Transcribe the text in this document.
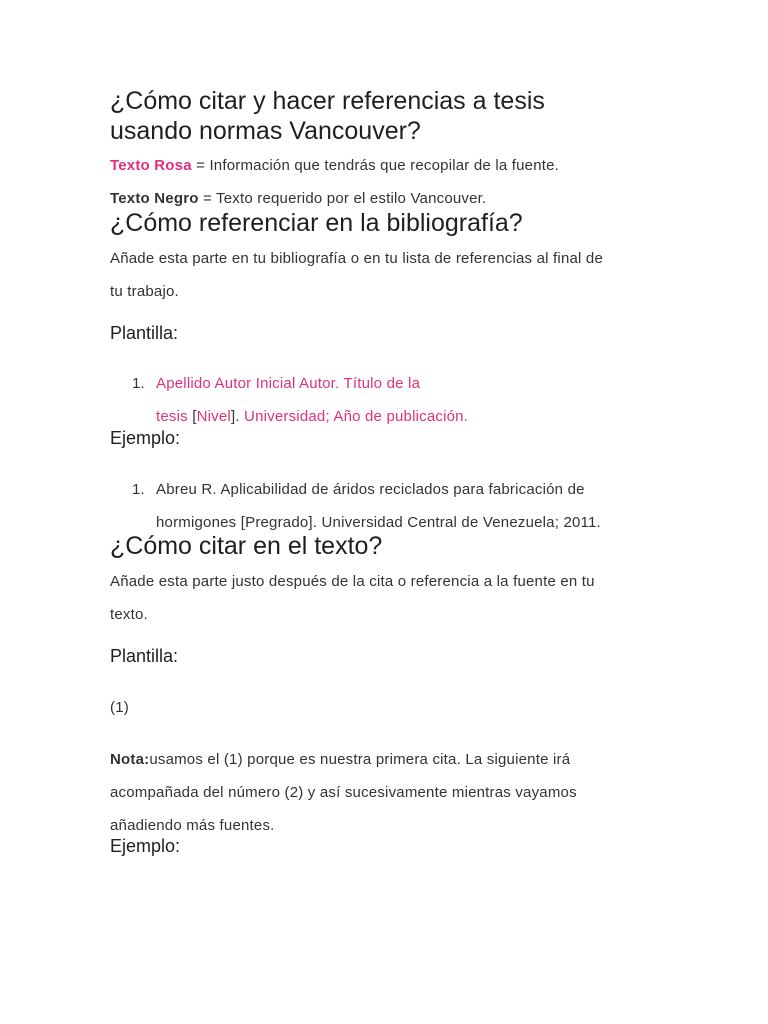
¿Cómo citar y hacer referencias a tesis
usando normas Vancouver?
Texto Rosa = Información que tendrás que recopilar de la fuente.
Texto Negro = Texto requerido por el estilo Vancouver.
¿Cómo referenciar en la bibliografía?
Añade esta parte en tu bibliografía o en tu lista de referencias al final de
tu trabajo.
Plantilla:
1. Apellido Autor Inicial Autor. Título de la
tesis [Nivel]. Universidad; Año de publicación.
Ejemplo:
1. Abreu R. Aplicabilidad de áridos reciclados para fabricación de
hormigones [Pregrado]. Universidad Central de Venezuela; 2011.
¿Cómo citar en el texto?
Añade esta parte justo después de la cita o referencia a la fuente en tu
texto.
Plantilla:
(1)
Nota:usamos el (1) porque es nuestra primera cita. La siguiente irá
acompañada del número (2) y así sucesivamente mientras vayamos
añadiendo más fuentes.
Ejemplo:
